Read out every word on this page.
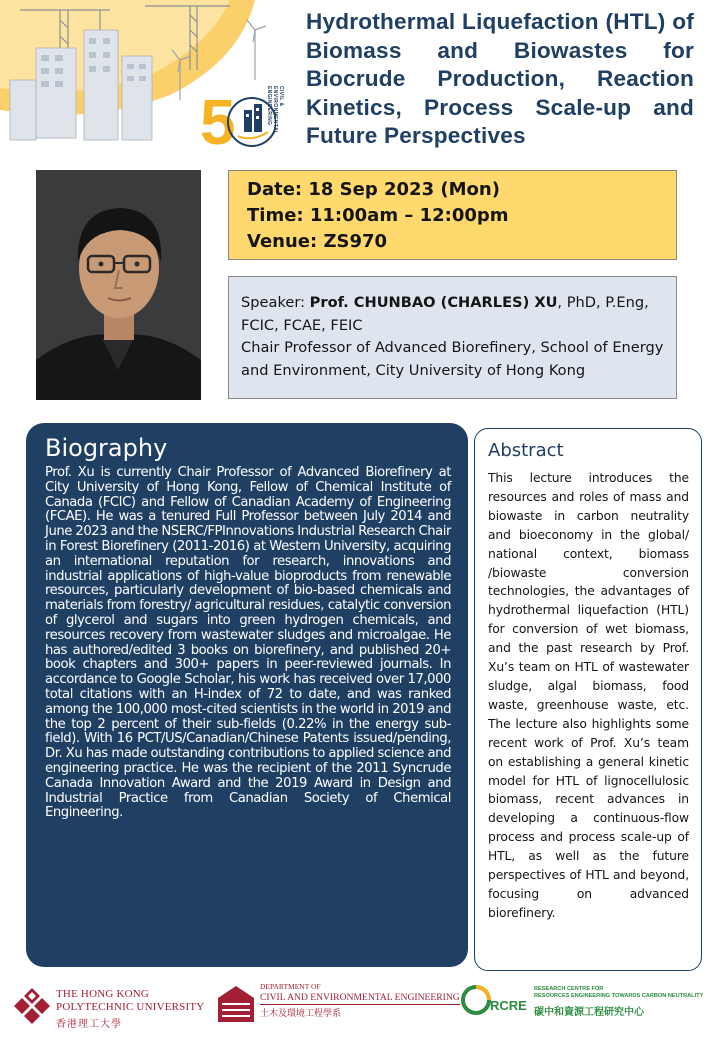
5	CIVIL & ENVIRONMENTAL ENGINEERING
Hydrothermal Liquefaction (HTL) of Biomass and Biowastes for Biocrude Production, Reaction Kinetics, Process Scale-up and Future Perspectives
Date: 18 Sep 2023 (Mon)
Time: 11:00am – 12:00pm
Venue: ZS970
Speaker: Prof. CHUNBAO (CHARLES) XU, PhD, P.Eng, FCIC, FCAE, FEIC
Chair Professor of Advanced Biorefinery, School of Energy and Environment, City University of Hong Kong
Biography
Prof. Xu is currently Chair Professor of Advanced Biorefinery at City University of Hong Kong, Fellow of Chemical Institute of Canada (FCIC) and Fellow of Canadian Academy of Engineering (FCAE). He was a tenured Full Professor between July 2014 and June 2023 and the NSERC/FPInnovations Industrial Research Chair in Forest Biorefinery (2011-2016) at Western University, acquiring an international reputation for research, innovations and industrial applications of high-value bioproducts from renewable resources, particularly development of bio-based chemicals and materials from forestry/ agricultural residues, catalytic conversion of glycerol and sugars into green hydrogen chemicals, and resources recovery from wastewater sludges and microalgae. He has authored/edited 3 books on biorefinery, and published 20+ book chapters and 300+ papers in peer-reviewed journals. In accordance to Google Scholar, his work has received over 17,000 total citations with an H-index of 72 to date, and was ranked among the 100,000 most-cited scientists in the world in 2019 and the top 2 percent of their sub-fields (0.22% in the energy sub-field). With 16 PCT/US/Canadian/Chinese Patents issued/pending, Dr. Xu has made outstanding contributions to applied science and engineering practice. He was the recipient of the 2011 Syncrude Canada Innovation Award and the 2019 Award in Design and Industrial Practice from Canadian Society of Chemical Engineering.
Abstract
This lecture introduces the resources and roles of mass and biowaste in carbon neutrality and bioeconomy in the global/ national context, biomass /biowaste conversion technologies, the advantages of hydrothermal liquefaction (HTL) for conversion of wet biomass, and the past research by Prof. Xu’s team on HTL of wastewater sludge, algal biomass, food waste, greenhouse waste, etc. The lecture also highlights some recent work of Prof. Xu’s team on establishing a general kinetic model for HTL of lignocellulosic biomass, recent advances in developing a continuous-flow process and process scale-up of HTL, as well as the future perspectives of HTL and beyond, focusing on advanced biorefinery.
THE HONG KONG
POLYTECHNIC UNIVERSITY
香港理工大學
DEPARTMENT OF
CIVIL AND ENVIRONMENTAL ENGINEERING
土木及環境工程學系	RCRE
RESEARCH CENTRE FOR
RESOURCES ENGINEERING TOWARDS CARBON NEUTRALITY
碳中和資源工程研究中心
